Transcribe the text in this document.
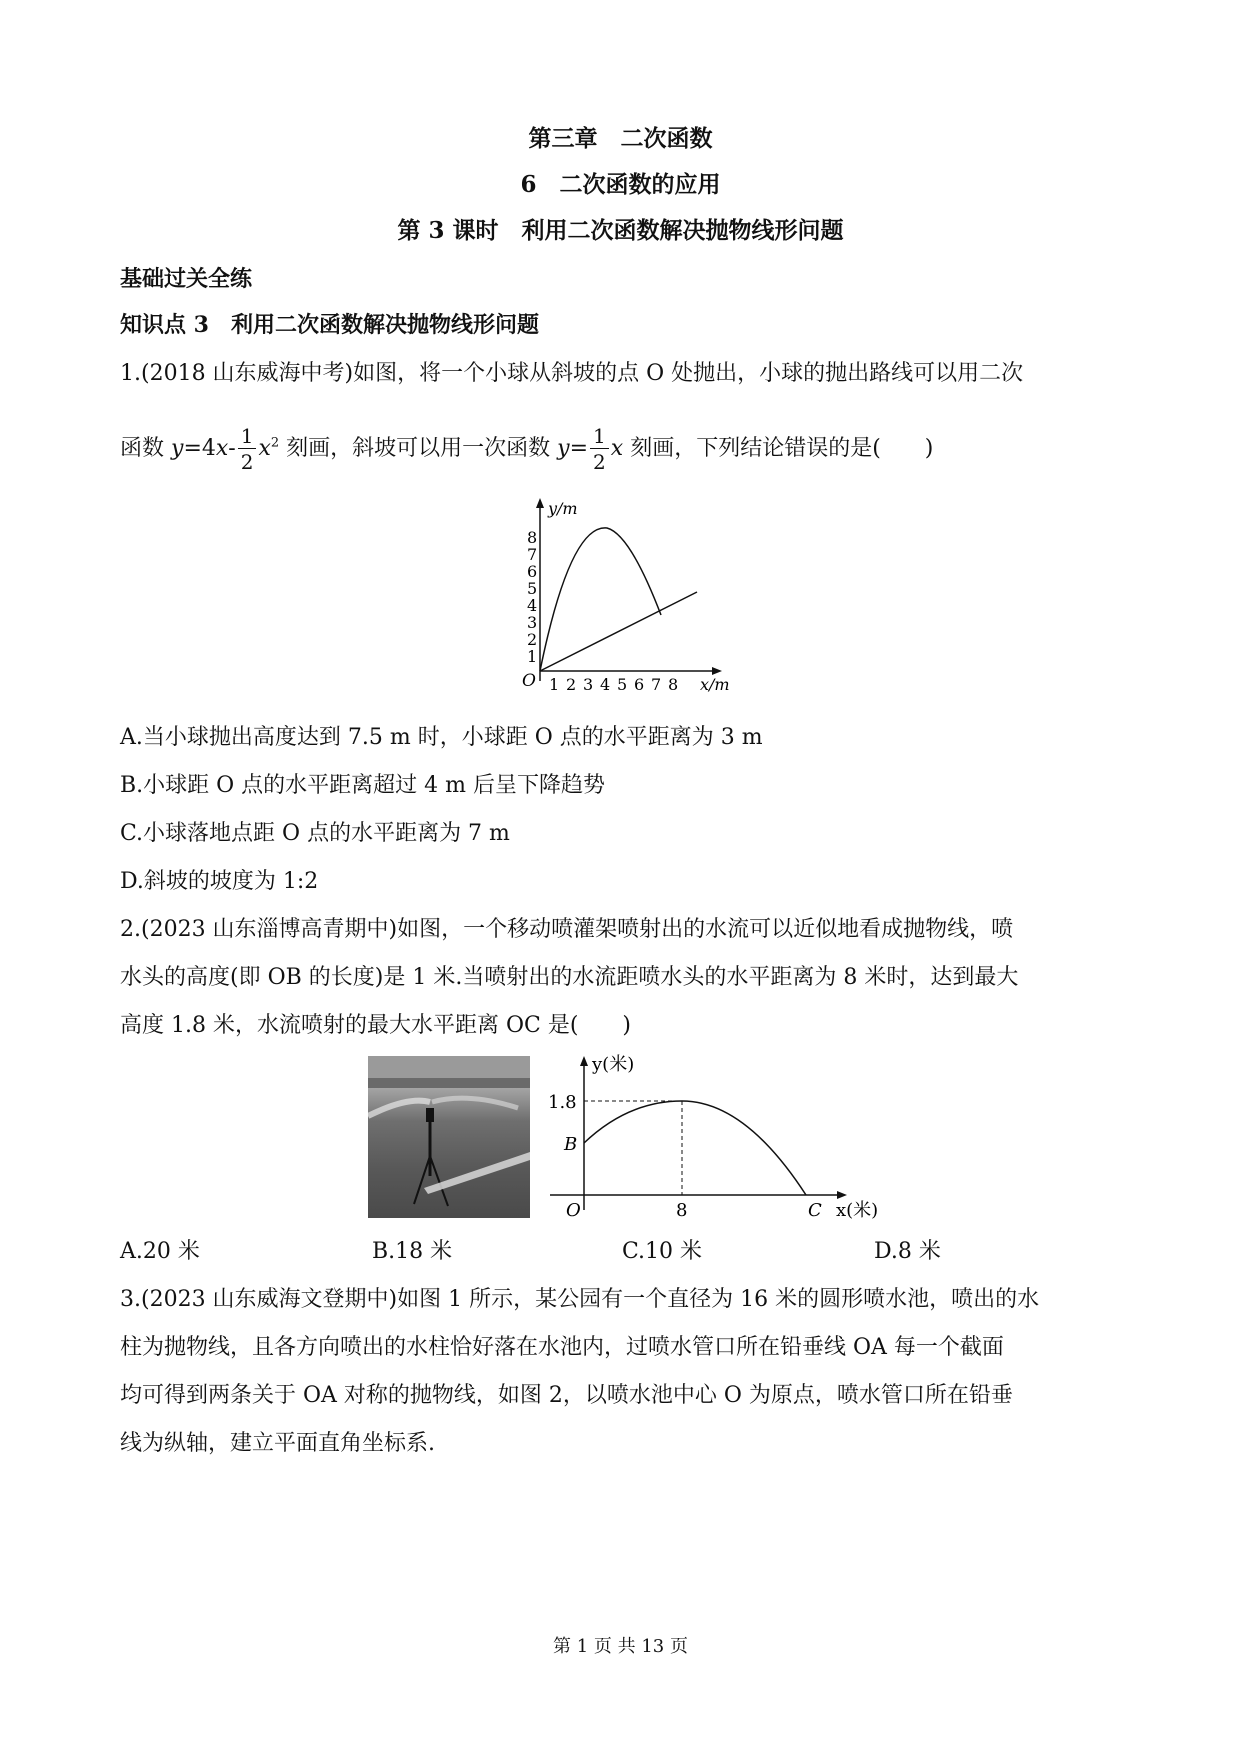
第三章　二次函数
6　二次函数的应用
第 3 课时　利用二次函数解决抛物线形问题
基础过关全练
知识点 3　利用二次函数解决抛物线形问题
1.(2018 山东威海中考)如图，将一个小球从斜坡的点 O 处抛出，小球的抛出路线可以用二次
函数 $y=4x- \frac{1}{2} x^2$ 刻画，斜坡可以用一次函数 $y= \frac{1}{2}$ x 刻画，下列结论错误的是(　　)
y/m
x/m
O
1
2
3
4
5
6
7
8
1 2 3 4 5 6 7 8
A.当小球抛出高度达到 7.5 m 时，小球距 O 点的水平距离为 3 m
B.小球距 O 点的水平距离超过 4 m 后呈下降趋势
C.小球落地点距 O 点的水平距离为 7 m
D.斜坡的坡度为 1:2
2.(2023 山东淄博高青期中)如图，一个移动喷灌架喷射出的水流可以近似地看成抛物线，喷
水头的高度(即 OB 的长度)是 1 米.当喷射出的水流距喷水头的水平距离为 8 米时，达到最大
高度 1.8 米，水流喷射的最大水平距离 OC 是(　　)
y(米)
x(米)
O
B
C
1.8
8
A.20 米	B.18 米	C.10 米	D.8 米
3.(2023 山东威海文登期中)如图 1 所示，某公园有一个直径为 16 米的圆形喷水池，喷出的水
柱为抛物线，且各方向喷出的水柱恰好落在水池内，过喷水管口所在铅垂线 OA 每一个截面
均可得到两条关于 OA 对称的抛物线，如图 2，以喷水池中心 O 为原点，喷水管口所在铅垂
线为纵轴，建立平面直角坐标系.
第 1 页 共 13 页
